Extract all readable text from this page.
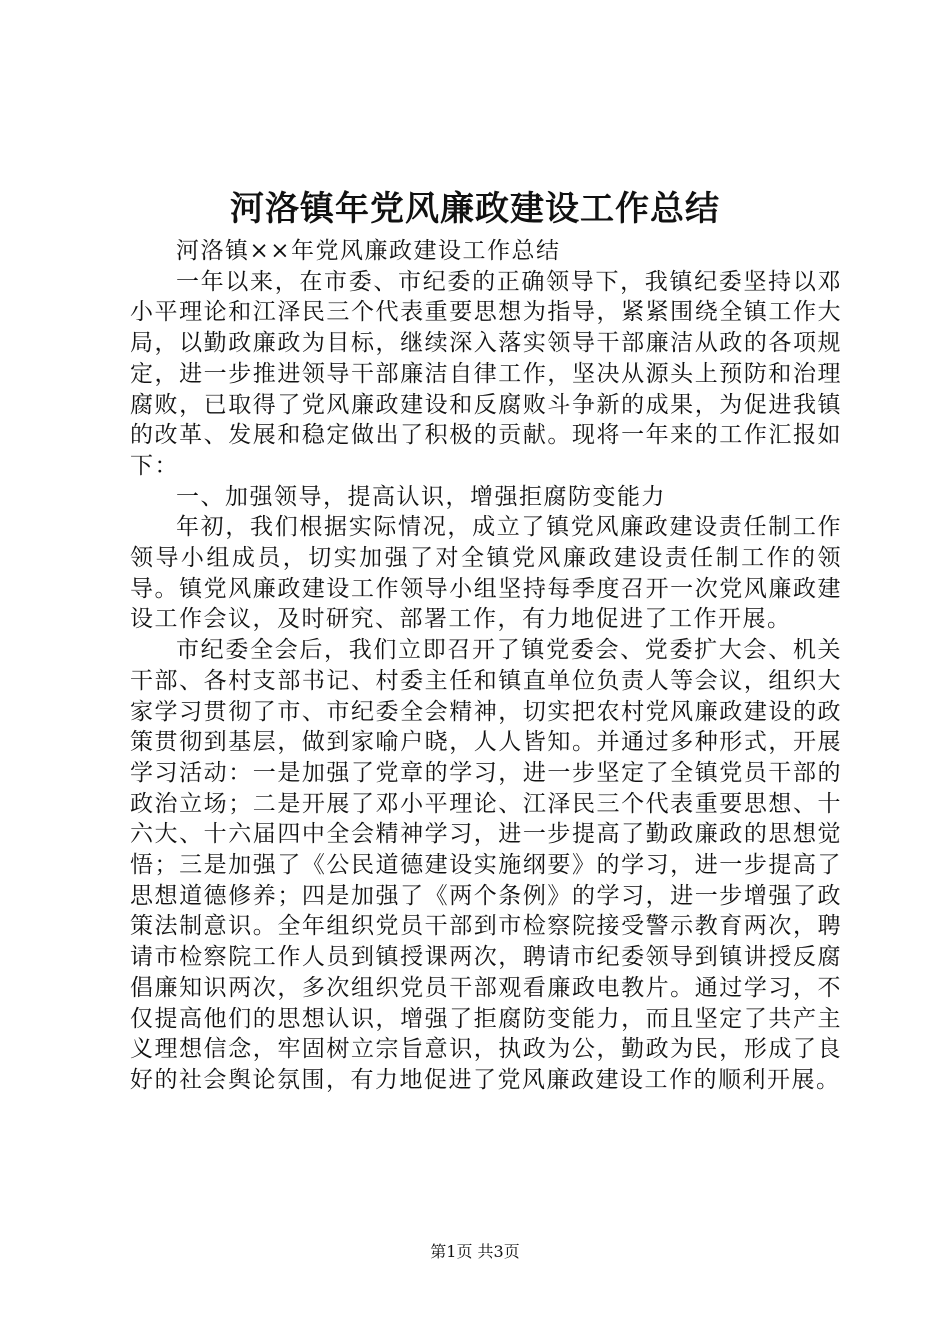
河洛镇年党风廉政建设工作总结

河洛镇××年党风廉政建设工作总结

一年以来，在市委、市纪委的正确领导下，我镇纪委坚持以邓小平理论和江泽民三个代表重要思想为指导，紧紧围绕全镇工作大局，以勤政廉政为目标，继续深入落实领导干部廉洁从政的各项规定，进一步推进领导干部廉洁自律工作，坚决从源头上预防和治理腐败，已取得了党风廉政建设和反腐败斗争新的成果，为促进我镇的改革、发展和稳定做出了积极的贡献。现将一年来的工作汇报如下：

一、加强领导，提高认识，增强拒腐防变能力

年初，我们根据实际情况，成立了镇党风廉政建设责任制工作领导小组成员，切实加强了对全镇党风廉政建设责任制工作的领导。镇党风廉政建设工作领导小组坚持每季度召开一次党风廉政建设工作会议，及时研究、部署工作，有力地促进了工作开展。

市纪委全会后，我们立即召开了镇党委会、党委扩大会、机关干部、各村支部书记、村委主任和镇直单位负责人等会议，组织大家学习贯彻了市、市纪委全会精神，切实把农村党风廉政建设的政策贯彻到基层，做到家喻户晓，人人皆知。并通过多种形式，开展学习活动：一是加强了党章的学习，进一步坚定了全镇党员干部的政治立场；二是开展了邓小平理论、江泽民三个代表重要思想、十六大、十六届四中全会精神学习，进一步提高了勤政廉政的思想觉悟；三是加强了《公民道德建设实施纲要》的学习，进一步提高了思想道德修养；四是加强了《两个条例》的学习，进一步增强了政策法制意识。全年组织党员干部到市检察院接受警示教育两次，聘请市检察院工作人员到镇授课两次，聘请市纪委领导到镇讲授反腐倡廉知识两次，多次组织党员干部观看廉政电教片。通过学习，不仅提高他们的思想认识，增强了拒腐防变能力，而且坚定了共产主义理想信念，牢固树立宗旨意识，执政为公，勤政为民，形成了良好的社会舆论氛围，有力地促进了党风廉政建设工作的顺利开展。

第1页 共3页
